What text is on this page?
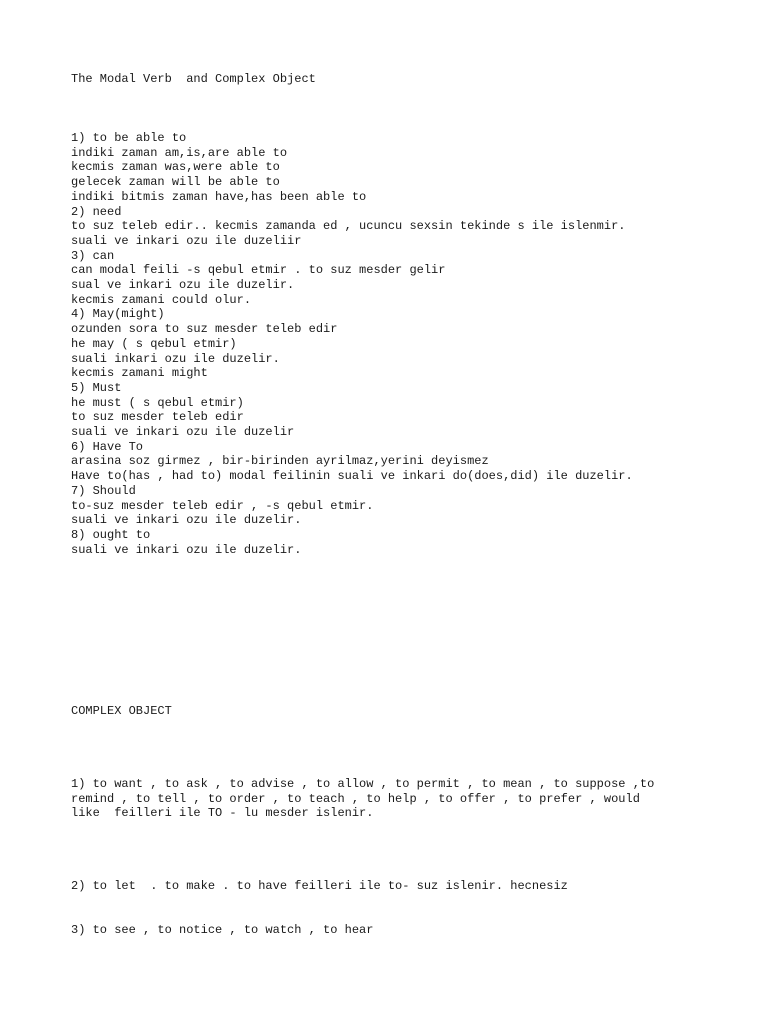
The Modal Verb  and Complex Object
1) to be able to
indiki zaman am,is,are able to
kecmis zaman was,were able to
gelecek zaman will be able to
indiki bitmis zaman have,has been able to
2) need
to suz teleb edir.. kecmis zamanda ed , ucuncu sexsin tekinde s ile islenmir.
suali ve inkari ozu ile duzeliir
3) can
can modal feili -s qebul etmir . to suz mesder gelir
sual ve inkari ozu ile duzelir.
kecmis zamani could olur.
4) May(might)
ozunden sora to suz mesder teleb edir
he may ( s qebul etmir)
suali inkari ozu ile duzelir.
kecmis zamani might
5) Must
he must ( s qebul etmir)
to suz mesder teleb edir
suali ve inkari ozu ile duzelir
6) Have To
arasina soz girmez , bir-birinden ayrilmaz,yerini deyismez
Have to(has , had to) modal feilinin suali ve inkari do(does,did) ile duzelir.
7) Should
to-suz mesder teleb edir , -s qebul etmir.
suali ve inkari ozu ile duzelir.
8) ought to
suali ve inkari ozu ile duzelir.
COMPLEX OBJECT
1) to want , to ask , to advise , to allow , to permit , to mean , to suppose ,to
remind , to tell , to order , to teach , to help , to offer , to prefer , would
like  feilleri ile TO - lu mesder islenir.
2) to let  . to make . to have feilleri ile to- suz islenir. hecnesiz
3) to see , to notice , to watch , to hear
